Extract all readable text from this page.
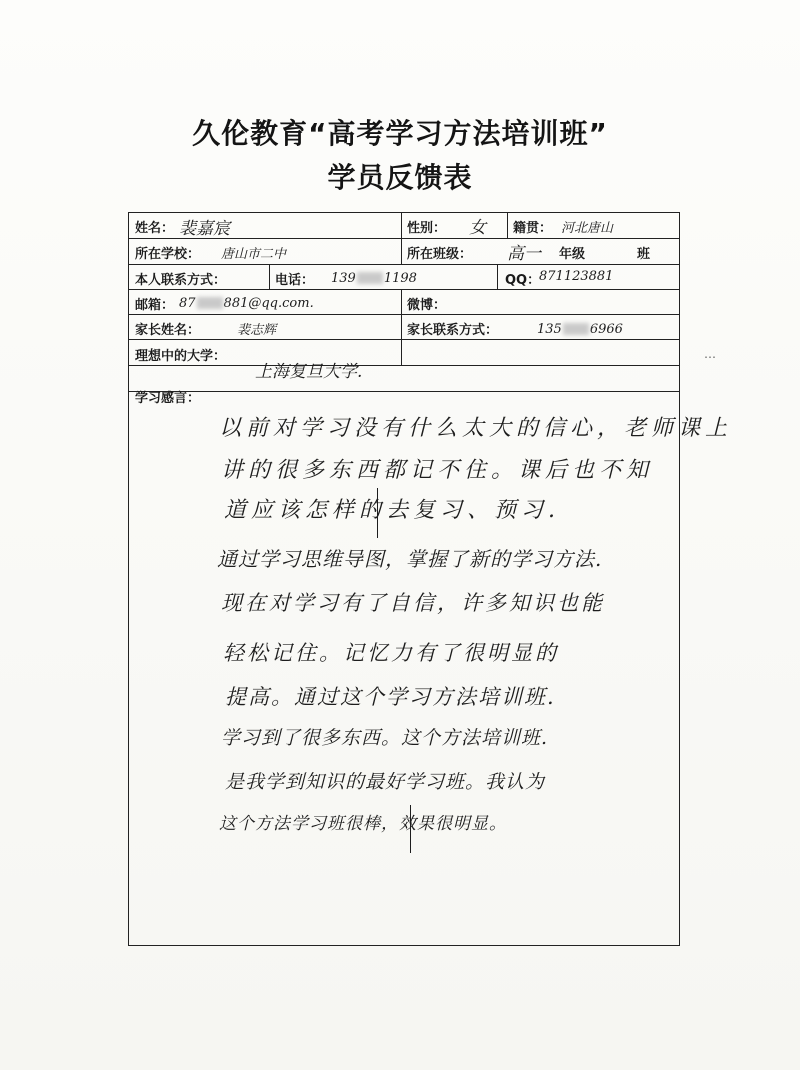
久伦教育“高考学习方法培训班”
学员反馈表
姓名： 裴嘉宸	性别： 女 籍贯： 河北唐山
所在学校： 唐山市二中	所在班级： 高一 年级	班
本人联系方式：	电话： 139 1198	QQ：
871123881
邮箱： 87 881@qq.com.	微博：
家长姓名：	裴志辉	家长联系方式：	135 6966
理想中的大学：
上海复旦大学.
学习感言：
以前对学习没有什么太大的信心，老师课上
讲的很多东西都记不住。课后也不知
道应该怎样的去复习、预习.
通过学习思维导图，掌握了新的学习方法.
现在对学习有了自信，许多知识也能
轻松记住。记忆力有了很明显的
提高。通过这个学习方法培训班.
学习到了很多东西。这个方法培训班.
是我学到知识的最好学习班。我认为
这个方法学习班很棒，效果很明显。
…
